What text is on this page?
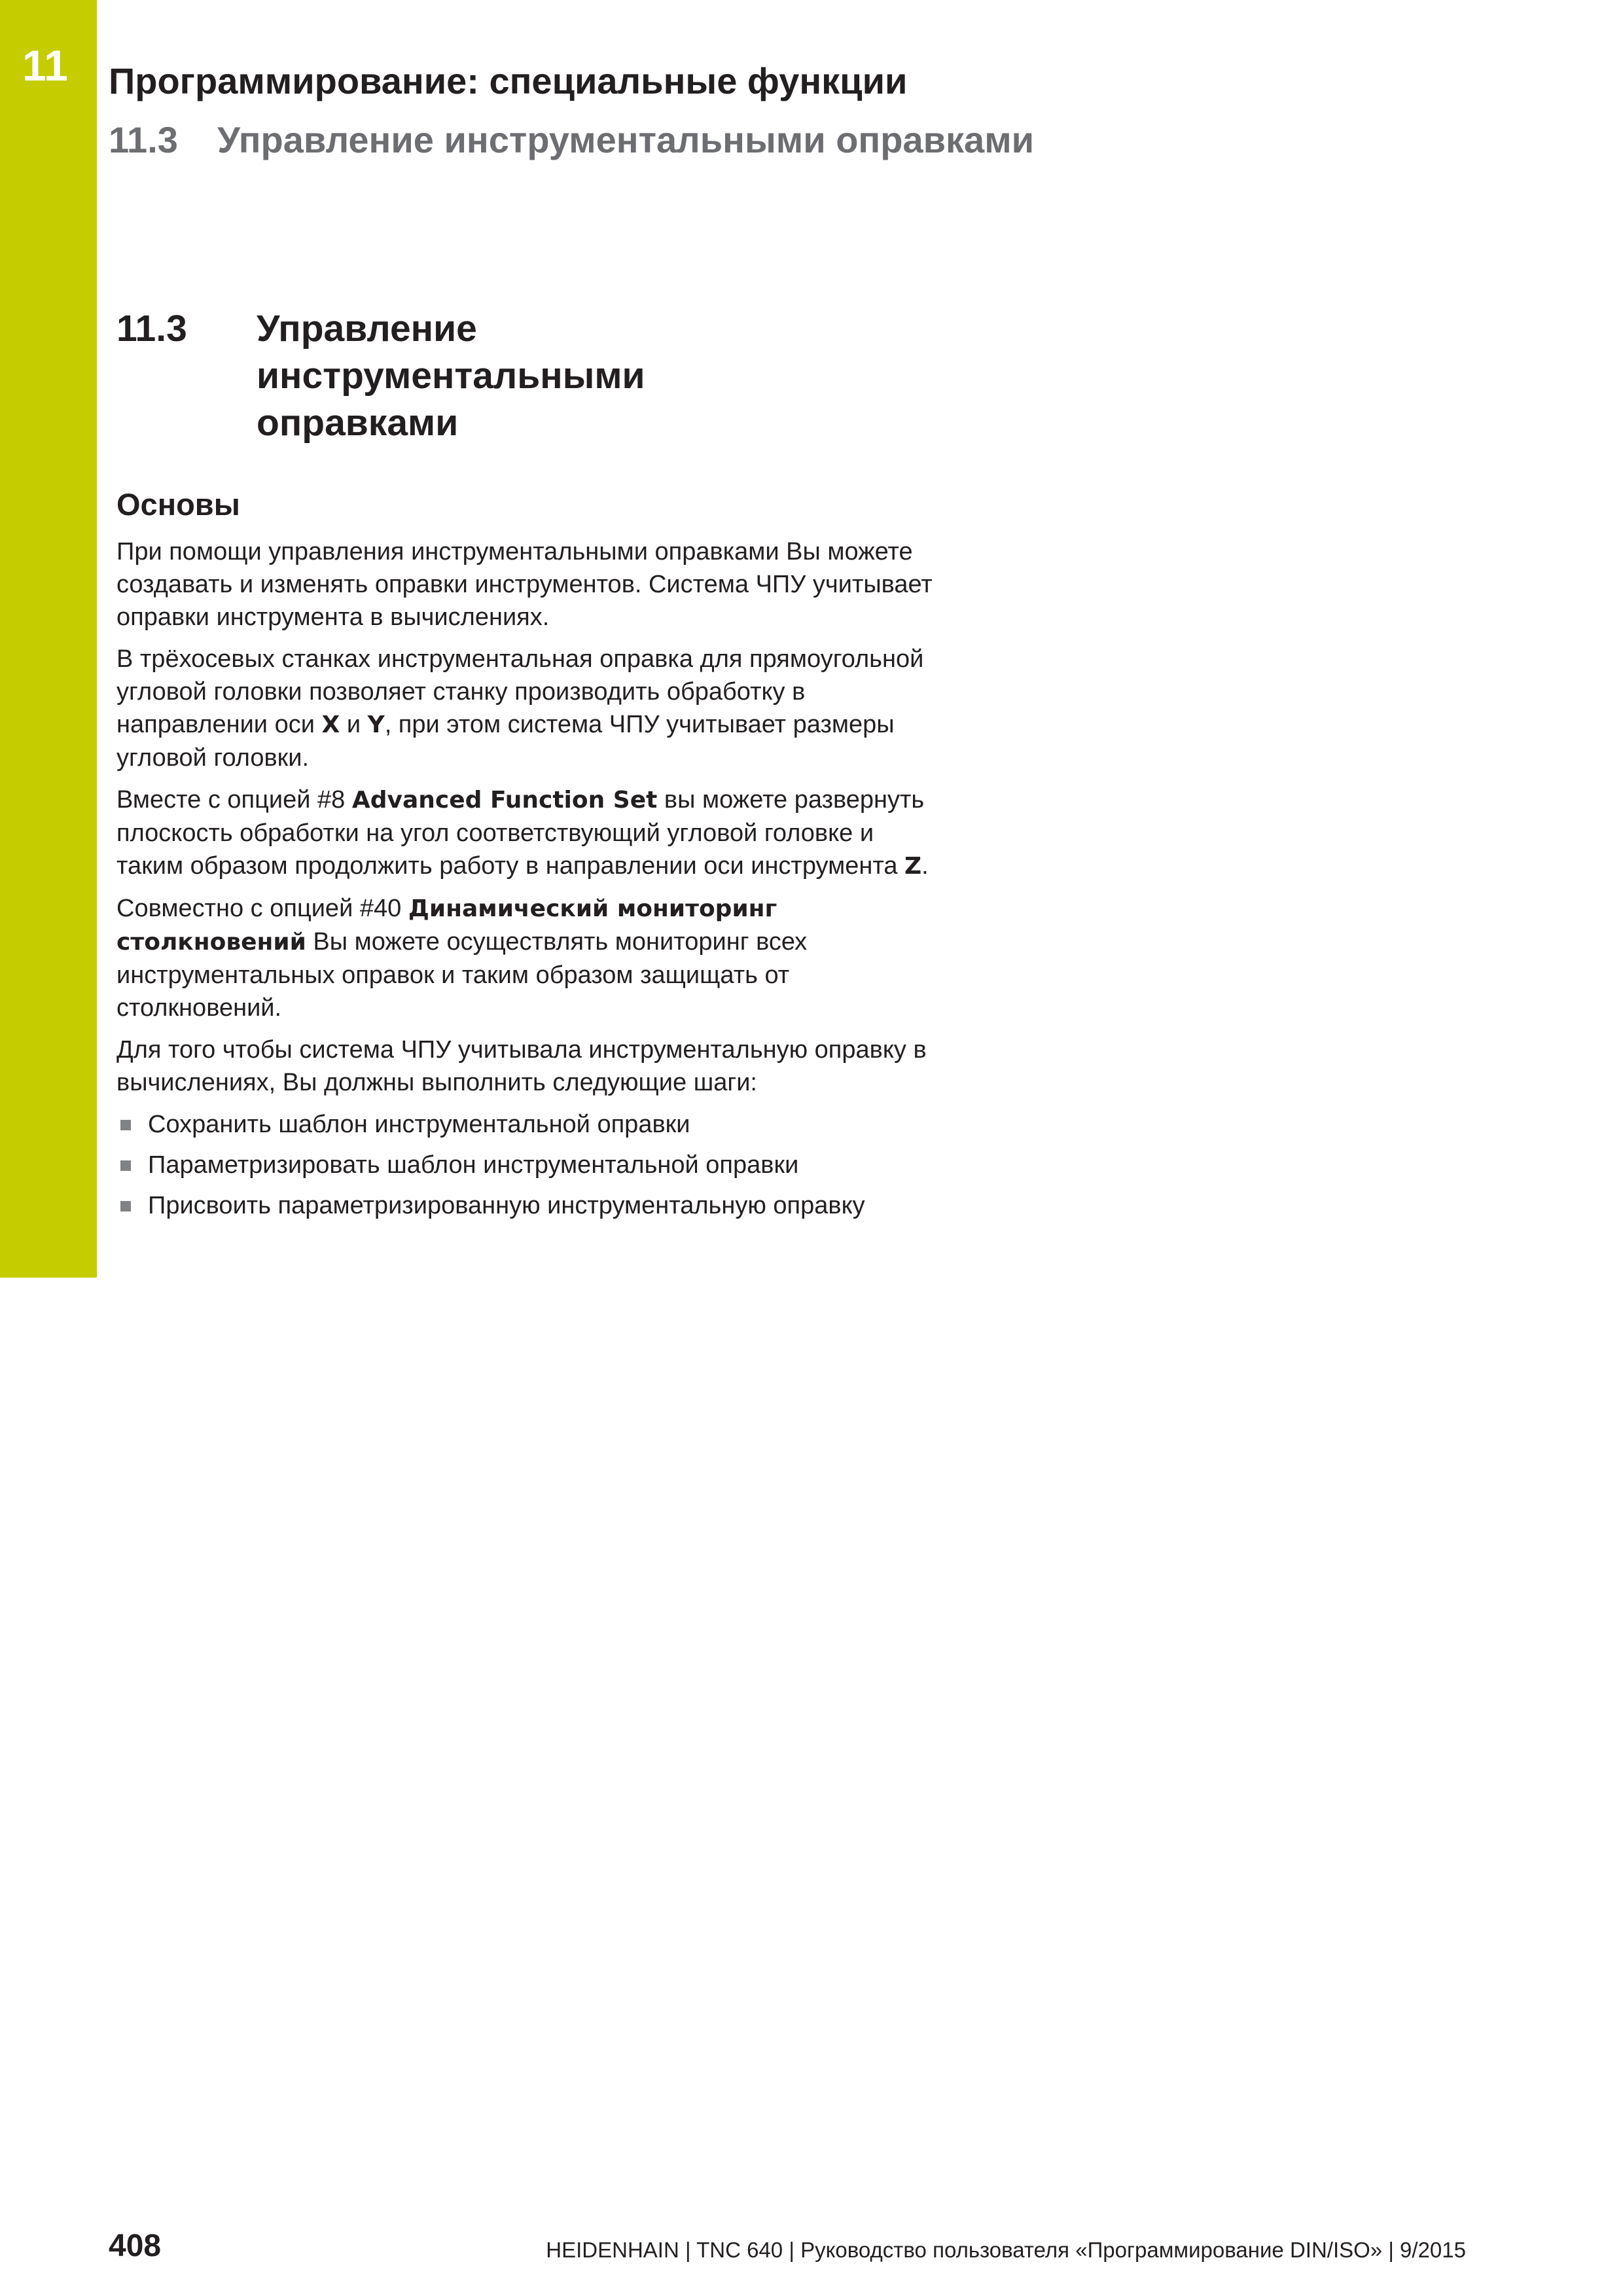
11 Программирование: специальные функции
11.3 Управление инструментальными оправками
11.3	Управление инструментальными оправками
Основы

При помощи управления инструментальными оправками Вы можете создавать и изменять оправки инструментов. Система ЧПУ учитывает оправки инструмента в вычислениях.

В трёхосевых станках инструментальная оправка для прямоугольной угловой головки позволяет станку производить обработку в направлении оси X и Y, при этом система ЧПУ учитывает размеры угловой головки.

Вместе с опцией #8 Advanced Function Set вы можете развернуть плоскость обработки на угол соответствующий угловой головке и таким образом продолжить работу в направлении оси инструмента Z.

Совместно с опцией #40 Динамический мониторинг столкновений Вы можете осуществлять мониторинг всех инструментальных оправок и таким образом защищать от столкновений.

Для того чтобы система ЧПУ учитывала инструментальную оправку в вычислениях, Вы должны выполнить следующие шаги:

Сохранить шаблон инструментальной оправки
Параметризировать шаблон инструментальной оправки
Присвоить параметризированную инструментальную оправку
408	HEIDENHAIN | TNC 640 | Руководство пользователя «Программирование DIN/ISO» | 9/2015
